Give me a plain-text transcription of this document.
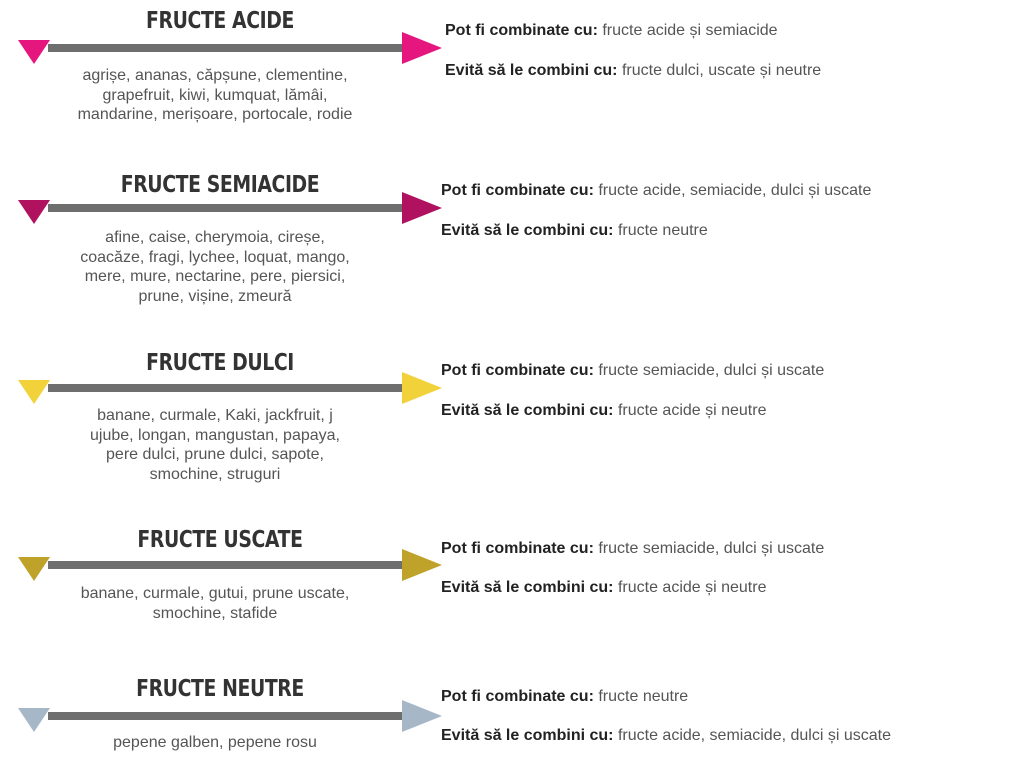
FRUCTE ACIDE
agrișe, ananas, căpșune, clementine,
grapefruit, kiwi, kumquat, lămâi,
mandarine, merișoare, portocale, rodie
Pot fi combinate cu: fructe acide și semiacide
Evită să le combini cu: fructe dulci, uscate și neutre
FRUCTE SEMIACIDE
afine, caise, cherymoia, cireșe,
coacăze, fragi, lychee, loquat, mango,
mere, mure, nectarine, pere, piersici,
prune, vișine, zmeură
Pot fi combinate cu: fructe acide, semiacide, dulci și uscate
Evită să le combini cu: fructe neutre
FRUCTE DULCI
banane, curmale, Kaki, jackfruit, j
ujube, longan, mangustan, papaya,
pere dulci, prune dulci, sapote,
smochine, struguri
Pot fi combinate cu: fructe semiacide, dulci și uscate
Evită să le combini cu: fructe acide și neutre
FRUCTE USCATE
banane, curmale, gutui, prune uscate,
smochine, stafide
Pot fi combinate cu: fructe semiacide, dulci și uscate
Evită să le combini cu: fructe acide și neutre
FRUCTE NEUTRE
pepene galben, pepene rosu
Pot fi combinate cu: fructe neutre
Evită să le combini cu: fructe acide, semiacide, dulci și uscate
